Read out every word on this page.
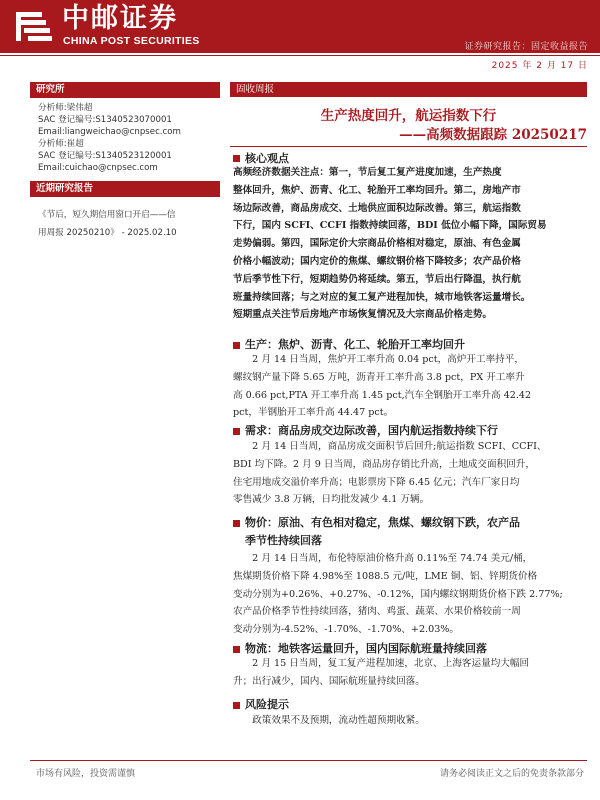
中邮证券
CHINA POST SECURITIES	证券研究报告：固定收益报告
2025 年 2 月 17 日
研究所
分析师:梁伟超
SAC 登记编号:S1340523070001
Email:liangweichao@cnpsec.com
分析师:崔超
SAC 登记编号:S1340523120001
Email:cuichao@cnpsec.com
近期研究报告
《节后，短久期信用窗口开启——信
用周报 20250210》 - 2025.02.10
固收周报
生产热度回升，航运指数下行
——高频数据跟踪 20250217
核心观点
高频经济数据关注点：第一，节后复工复产进度加速，生产热度
整体回升，焦炉、沥青、化工、轮胎开工率均回升。第二，房地产市
场边际改善，商品房成交、土地供应面积边际改善。第三，航运指数
下行，国内 SCFI、CCFI 指数持续回落，BDI 低位小幅下降，国际贸易
走势偏弱。第四，国际定价大宗商品价格相对稳定，原油、有色金属
价格小幅波动；国内定价的焦煤、螺纹钢价格下降较多；农产品价格
节后季节性下行，短期趋势仍将延续。第五，节后出行降温，执行航
班量持续回落；与之对应的复工复产进程加快，城市地铁客运量增长。
短期重点关注节后房地产市场恢复情况及大宗商品价格走势。
生产：焦炉、沥青、化工、轮胎开工率均回升
　　2 月 14 日当周，焦炉开工率升高 0.04 pct，高炉开工率持平，
螺纹钢产量下降 5.65 万吨，沥青开工率升高 3.8 pct，PX 开工率升
高 0.66 pct,PTA 开工率升高 1.45 pct,汽车全钢胎开工率升高 42.42
pct，半钢胎开工率升高 44.47 pct。
需求：商品房成交边际改善，国内航运指数持续下行
　　2 月 14 日当周，商品房成交面积节后回升;航运指数 SCFI、CCFI、
BDI 均下降。2 月 9 日当周，商品房存销比升高，土地成交面积回升，
住宅用地成交溢价率升高；电影票房下降 6.45 亿元；汽车厂家日均
零售减少 3.8 万辆，日均批发减少 4.1 万辆。
物价：原油、有色相对稳定，焦煤、螺纹钢下跌，农产品
季节性持续回落
　　2 月 14 日当周，布伦特原油价格升高 0.11%至 74.74 美元/桶，
焦煤期货价格下降 4.98%至 1088.5 元/吨，LME 铜、铝、锌期货价格
变动分别为+0.26%、+0.27%、-0.12%，国内螺纹钢期货价格下跌 2.77%;
农产品价格季节性持续回落，猪肉、鸡蛋、蔬菜、水果价格较前一周
变动分别为-4.52%、-1.70%、-1.70%、+2.03%。
物流：地铁客运量回升，国内国际航班量持续回落
　　2 月 15 日当周，复工复产进程加速，北京、上海客运量均大幅回
升；出行减少，国内、国际航班量持续回落。
风险提示
　　政策效果不及预期，流动性超预期收紧。
市场有风险，投资需谨慎	请务必阅读正文之后的免责条款部分
